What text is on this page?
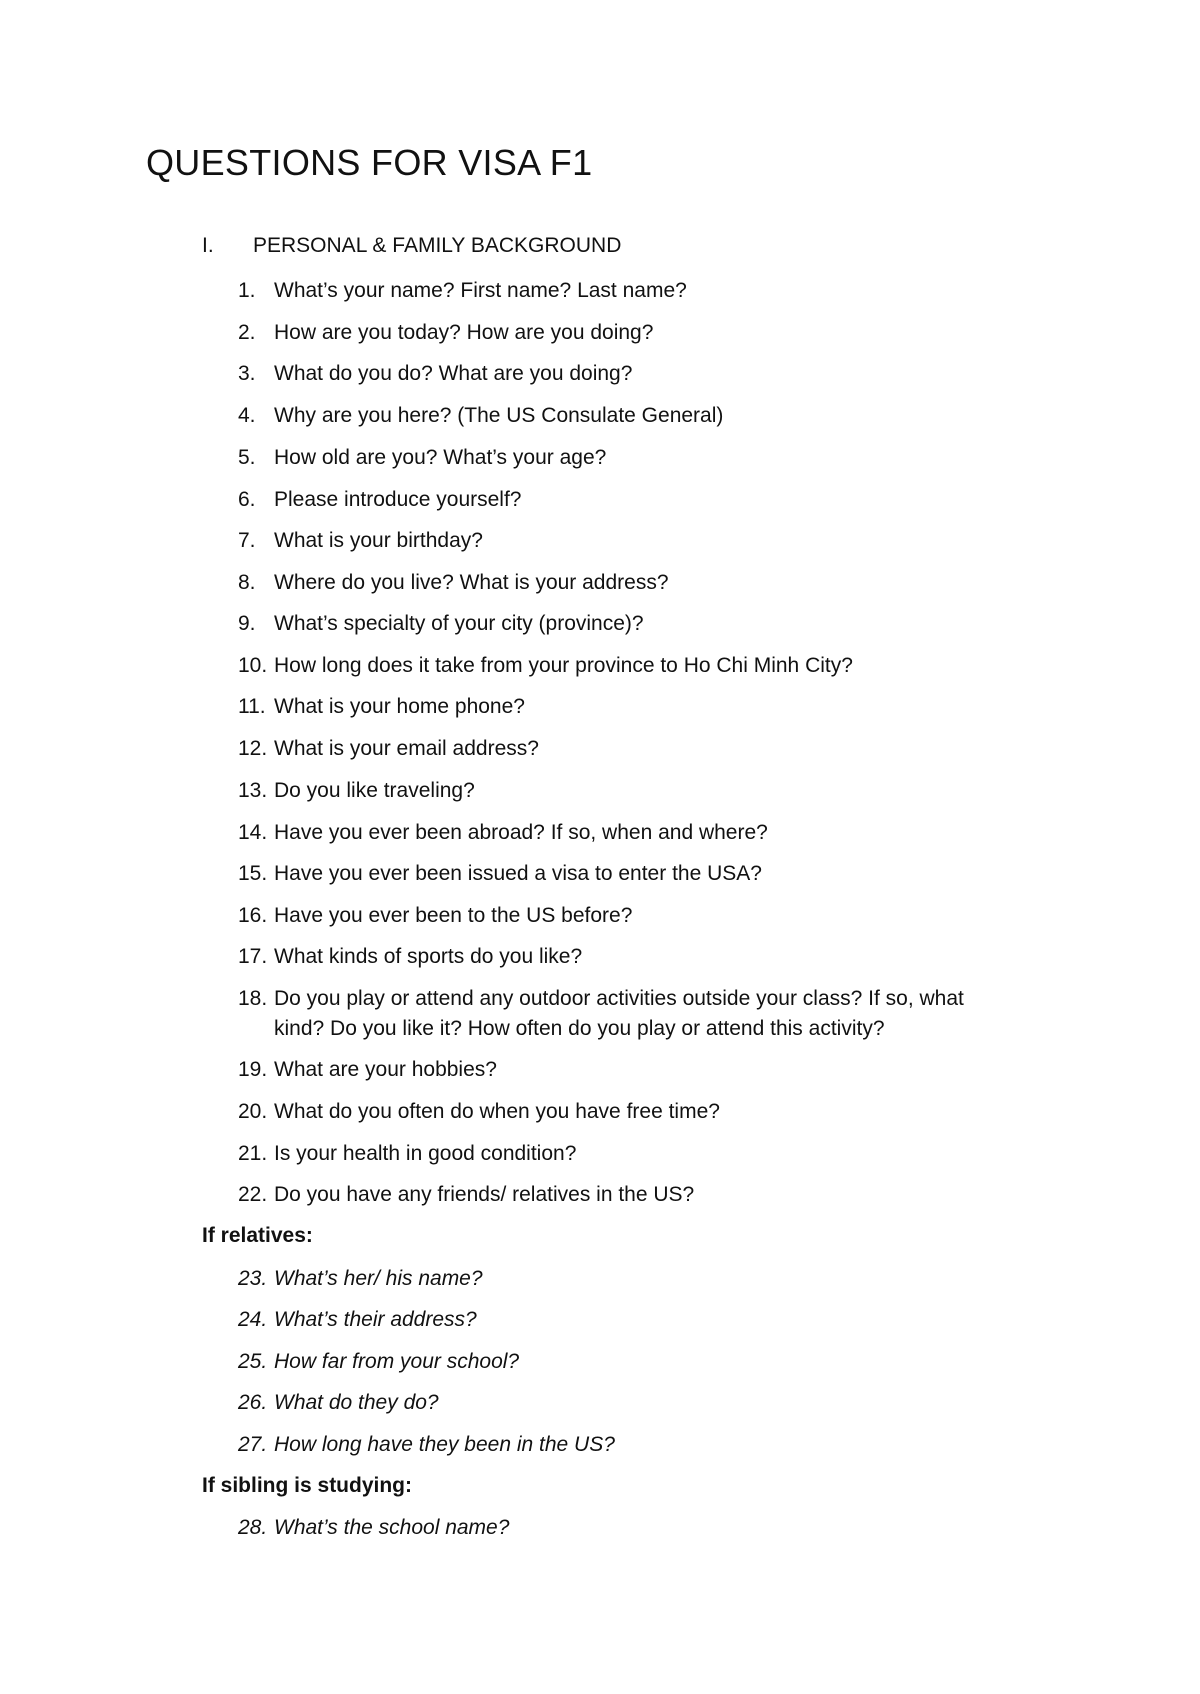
QUESTIONS FOR VISA F1
I. PERSONAL & FAMILY BACKGROUND
1. What’s your name? First name? Last name?
2. How are you today? How are you doing?
3. What do you do? What are you doing?
4. Why are you here? (The US Consulate General)
5. How old are you? What’s your age?
6. Please introduce yourself?
7. What is your birthday?
8. Where do you live? What is your address?
9. What’s specialty of your city (province)?
10. How long does it take from your province to Ho Chi Minh City?
11. What is your home phone?
12. What is your email address?
13. Do you like traveling?
14. Have you ever been abroad? If so, when and where?
15. Have you ever been issued a visa to enter the USA?
16. Have you ever been to the US before?
17. What kinds of sports do you like?
18. Do you play or attend any outdoor activities outside your class? If so, what kind? Do you like it? How often do you play or attend this activity?
19. What are your hobbies?
20. What do you often do when you have free time?
21. Is your health in good condition?
22. Do you have any friends/ relatives in the US?
If relatives:
23. What’s her/ his name?
24. What’s their address?
25. How far from your school?
26. What do they do?
27. How long have they been in the US?
If sibling is studying:
28. What’s the school name?
